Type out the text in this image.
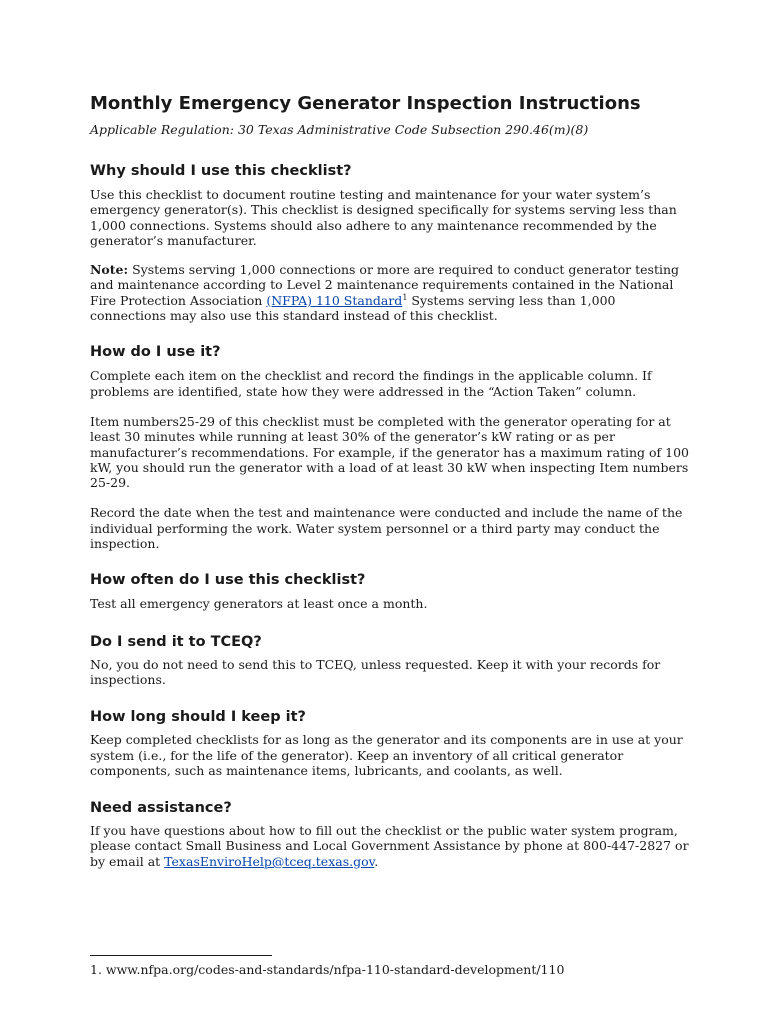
Monthly Emergency Generator Inspection Instructions

Applicable Regulation: 30 Texas Administrative Code Subsection 290.46(m)(8)

Why should I use this checklist?

Use this checklist to document routine testing and maintenance for your water system’s emergency generator(s). This checklist is designed specifically for systems serving less than 1,000 connections. Systems should also adhere to any maintenance recommended by the generator’s manufacturer.

Note: Systems serving 1,000 connections or more are required to conduct generator testing and maintenance according to Level 2 maintenance requirements contained in the National Fire Protection Association (NFPA) 110 Standard$^1$ Systems serving less than 1,000 connections may also use this standard instead of this checklist.

How do I use it?

Complete each item on the checklist and record the findings in the applicable column. If problems are identified, state how they were addressed in the “Action Taken” column.

Item numbers25-29 of this checklist must be completed with the generator operating for at least 30 minutes while running at least 30% of the generator’s kW rating or as per manufacturer’s recommendations. For example, if the generator has a maximum rating of 100 kW, you should run the generator with a load of at least 30 kW when inspecting Item numbers 25-29.

Record the date when the test and maintenance were conducted and include the name of the individual performing the work. Water system personnel or a third party may conduct the inspection.

How often do I use this checklist?

Test all emergency generators at least once a month.

Do I send it to TCEQ?

No, you do not need to send this to TCEQ, unless requested. Keep it with your records for inspections.

How long should I keep it?

Keep completed checklists for as long as the generator and its components are in use at your system (i.e., for the life of the generator). Keep an inventory of all critical generator components, such as maintenance items, lubricants, and coolants, as well.

Need assistance?

If you have questions about how to fill out the checklist or the public water system program, please contact Small Business and Local Government Assistance by phone at 800-447-2827 or by email at TexasEnviroHelp@tceq.texas.gov.

1. www.nfpa.org/codes-and-standards/nfpa-110-standard-development/110
